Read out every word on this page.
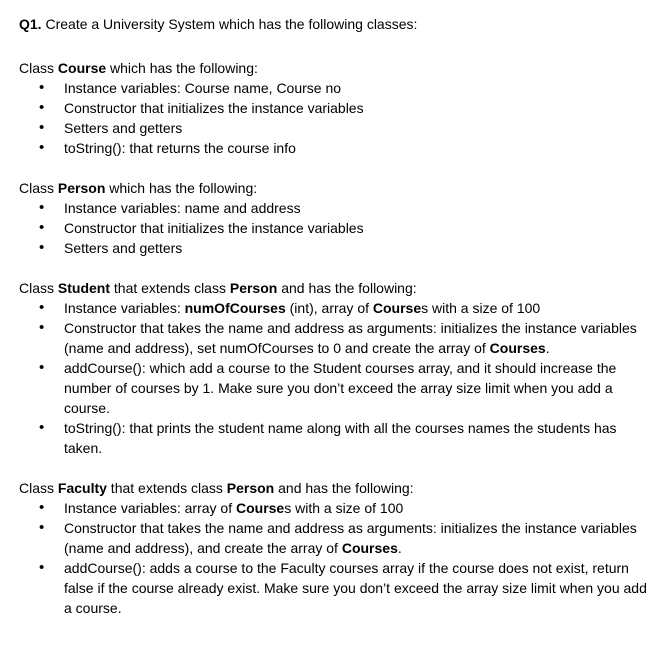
Q1. Create a University System which has the following classes:

Class Course which has the following:

• Instance variables: Course name, Course no
• Constructor that initializes the instance variables
• Setters and getters
• toString(): that returns the course info

Class Person which has the following:

• Instance variables: name and address
• Constructor that initializes the instance variables
• Setters and getters

Class Student that extends class Person and has the following:

• Instance variables: numOfCourses (int), array of Courses with a size of 100
• Constructor that takes the name and address as arguments: initializes the instance variables (name and address), set numOfCourses to 0 and create the array of Courses.
• addCourse(): which add a course to the Student courses array, and it should increase the number of courses by 1. Make sure you don’t exceed the array size limit when you add a course.
• toString(): that prints the student name along with all the courses names the students has taken.

Class Faculty that extends class Person and has the following:

• Instance variables: array of Courses with a size of 100
• Constructor that takes the name and address as arguments: initializes the instance variables (name and address), and create the array of Courses.
• addCourse(): adds a course to the Faculty courses array if the course does not exist, return false if the course already exist. Make sure you don’t exceed the array size limit when you add a course.
